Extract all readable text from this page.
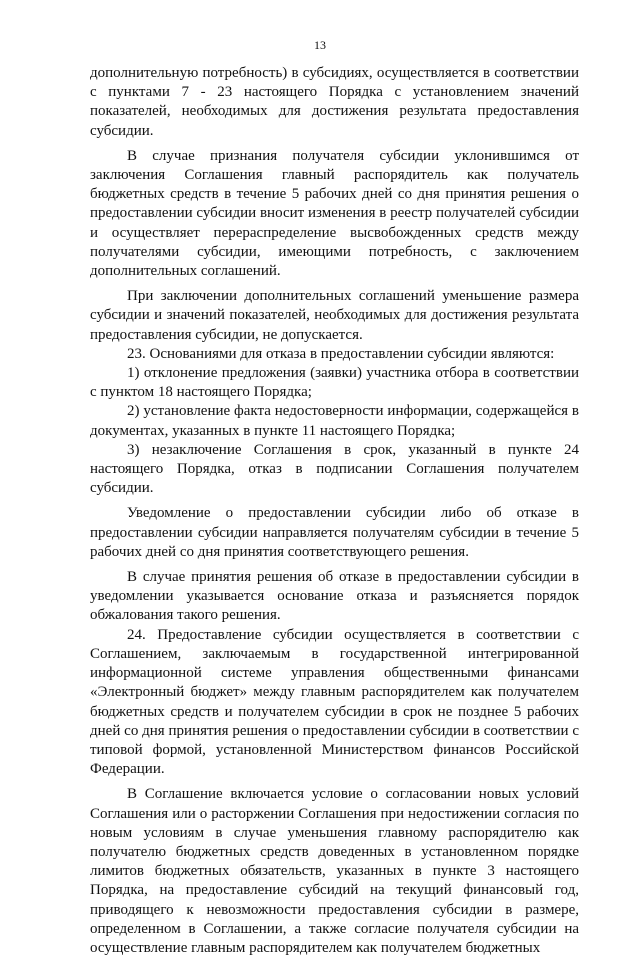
13

дополнительную потребность) в субсидиях, осуществляется в соответствии с пунктами 7 - 23 настоящего Порядка с установлением значений показателей, необходимых для достижения результата предоставления субсидии.

В случае признания получателя субсидии уклонившимся от заключения Соглашения главный распорядитель как получатель бюджетных средств в течение 5 рабочих дней со дня принятия решения о предоставлении субсидии вносит изменения в реестр получателей субсидии и осуществляет перераспределение высвобожденных средств между получателями субсидии, имеющими потребность, с заключением дополнительных соглашений.

При заключении дополнительных соглашений уменьшение размера субсидии и значений показателей, необходимых для достижения результата предоставления субсидии, не допускается.

23. Основаниями для отказа в предоставлении субсидии являются:

1) отклонение предложения (заявки) участника отбора в соответствии с пунктом 18 настоящего Порядка;

2) установление факта недостоверности информации, содержащейся в документах, указанных в пункте 11 настоящего Порядка;

3) незаключение Соглашения в срок, указанный в пункте 24 настоящего Порядка, отказ в подписании Соглашения получателем субсидии.

Уведомление о предоставлении субсидии либо об отказе в предоставлении субсидии направляется получателям субсидии в течение 5 рабочих дней со дня принятия соответствующего решения.

В случае принятия решения об отказе в предоставлении субсидии в уведомлении указывается основание отказа и разъясняется порядок обжалования такого решения.

24. Предоставление субсидии осуществляется в соответствии с Соглашением, заключаемым в государственной интегрированной информационной системе управления общественными финансами «Электронный бюджет» между главным распорядителем как получателем бюджетных средств и получателем субсидии в срок не позднее 5 рабочих дней со дня принятия решения о предоставлении субсидии в соответствии с типовой формой, установленной Министерством финансов Российской Федерации.

В Соглашение включается условие о согласовании новых условий Соглашения или о расторжении Соглашения при недостижении согласия по новым условиям в случае уменьшения главному распорядителю как получателю бюджетных средств доведенных в установленном порядке лимитов бюджетных обязательств, указанных в пункте 3 настоящего Порядка, на предоставление субсидий на текущий финансовый год, приводящего к невозможности предоставления субсидии в размере, определенном в Соглашении, а также согласие получателя субсидии на осуществление главным распорядителем как получателем бюджетных
